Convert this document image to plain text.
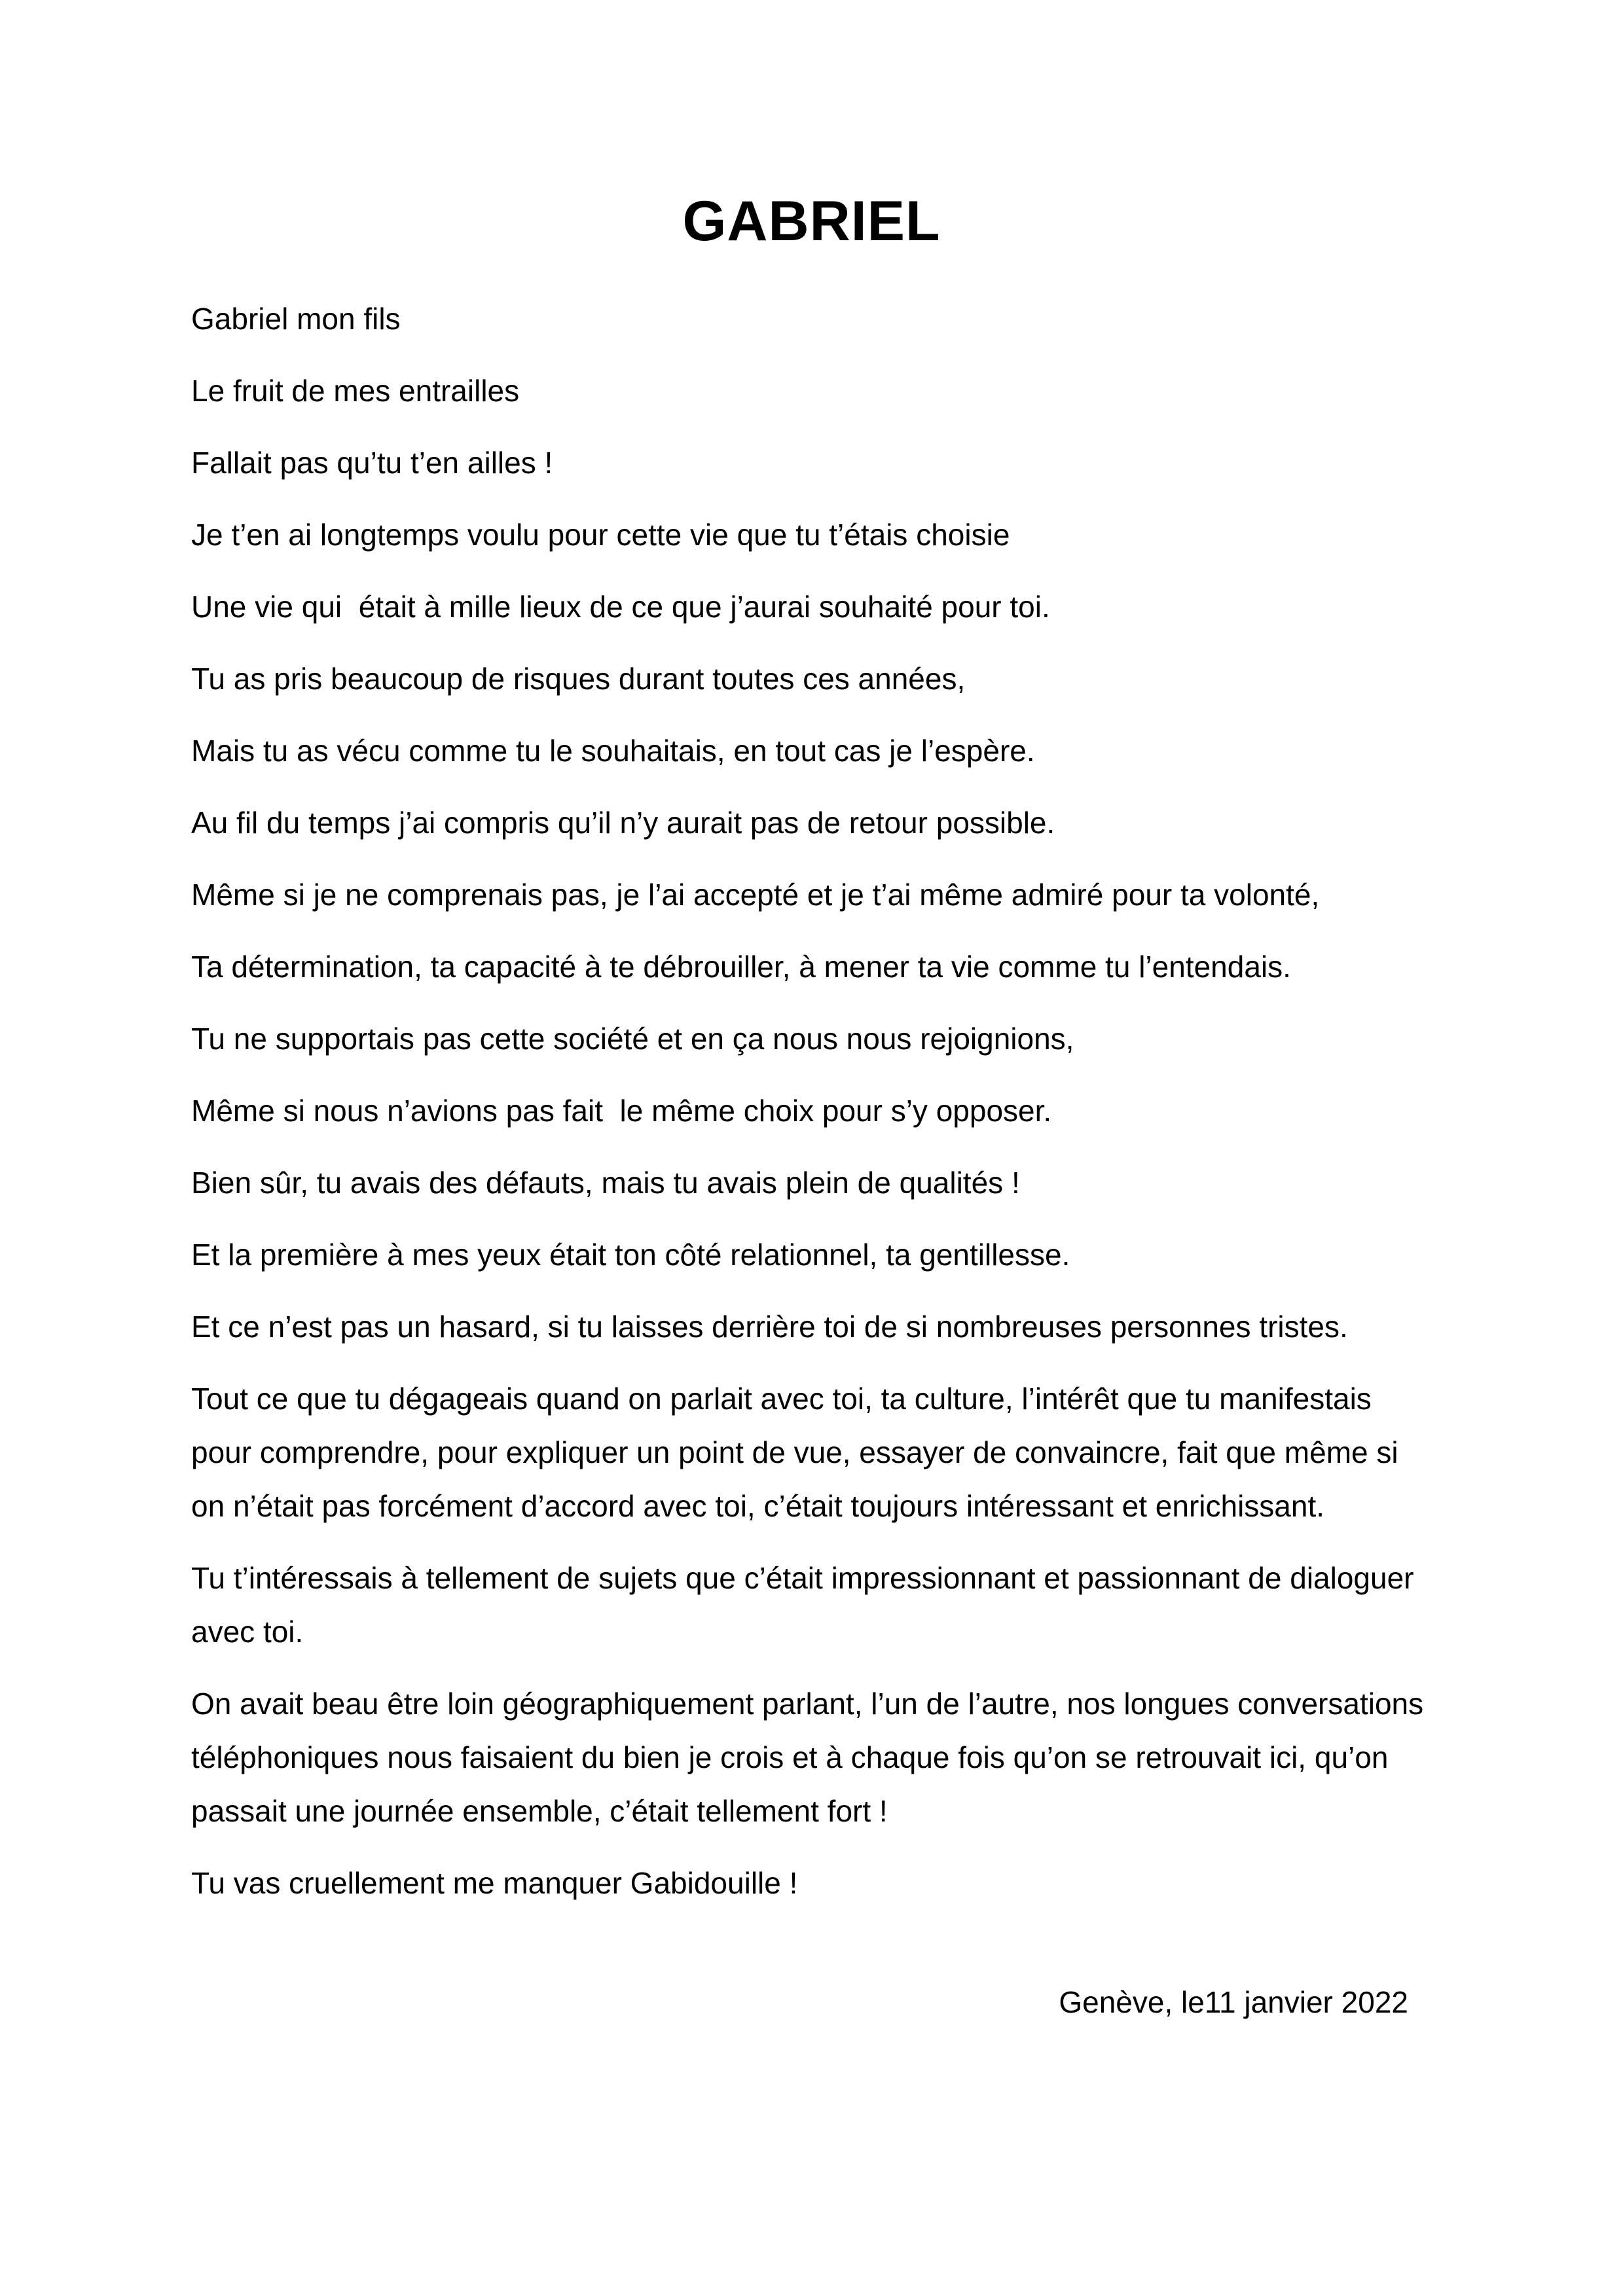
GABRIEL
Gabriel mon fils
Le fruit de mes entrailles
Fallait pas qu’tu t’en ailles !
Je t’en ai longtemps voulu pour cette vie que tu t’étais choisie
Une vie qui  était à mille lieux de ce que j’aurai souhaité pour toi.
Tu as pris beaucoup de risques durant toutes ces années,
Mais tu as vécu comme tu le souhaitais, en tout cas je l’espère.
Au fil du temps j’ai compris qu’il n’y aurait pas de retour possible.
Même si je ne comprenais pas, je l’ai accepté et je t’ai même admiré pour ta volonté,
Ta détermination, ta capacité à te débrouiller, à mener ta vie comme tu l’entendais.
Tu ne supportais pas cette société et en ça nous nous rejoignions,
Même si nous n’avions pas fait  le même choix pour s’y opposer.
Bien sûr, tu avais des défauts, mais tu avais plein de qualités !
Et la première à mes yeux était ton côté relationnel, ta gentillesse.
Et ce n’est pas un hasard, si tu laisses derrière toi de si nombreuses personnes tristes.
Tout ce que tu dégageais quand on parlait avec toi, ta culture, l’intérêt que tu manifestais
pour comprendre, pour expliquer un point de vue, essayer de convaincre, fait que même si
on n’était pas forcément d’accord avec toi, c’était toujours intéressant et enrichissant.
Tu t’intéressais à tellement de sujets que c’était impressionnant et passionnant de dialoguer
avec toi.
On avait beau être loin géographiquement parlant, l’un de l’autre, nos longues conversations
téléphoniques nous faisaient du bien je crois et à chaque fois qu’on se retrouvait ici, qu’on
passait une journée ensemble, c’était tellement fort !
Tu vas cruellement me manquer Gabidouille !
Genève, le11 janvier 2022
